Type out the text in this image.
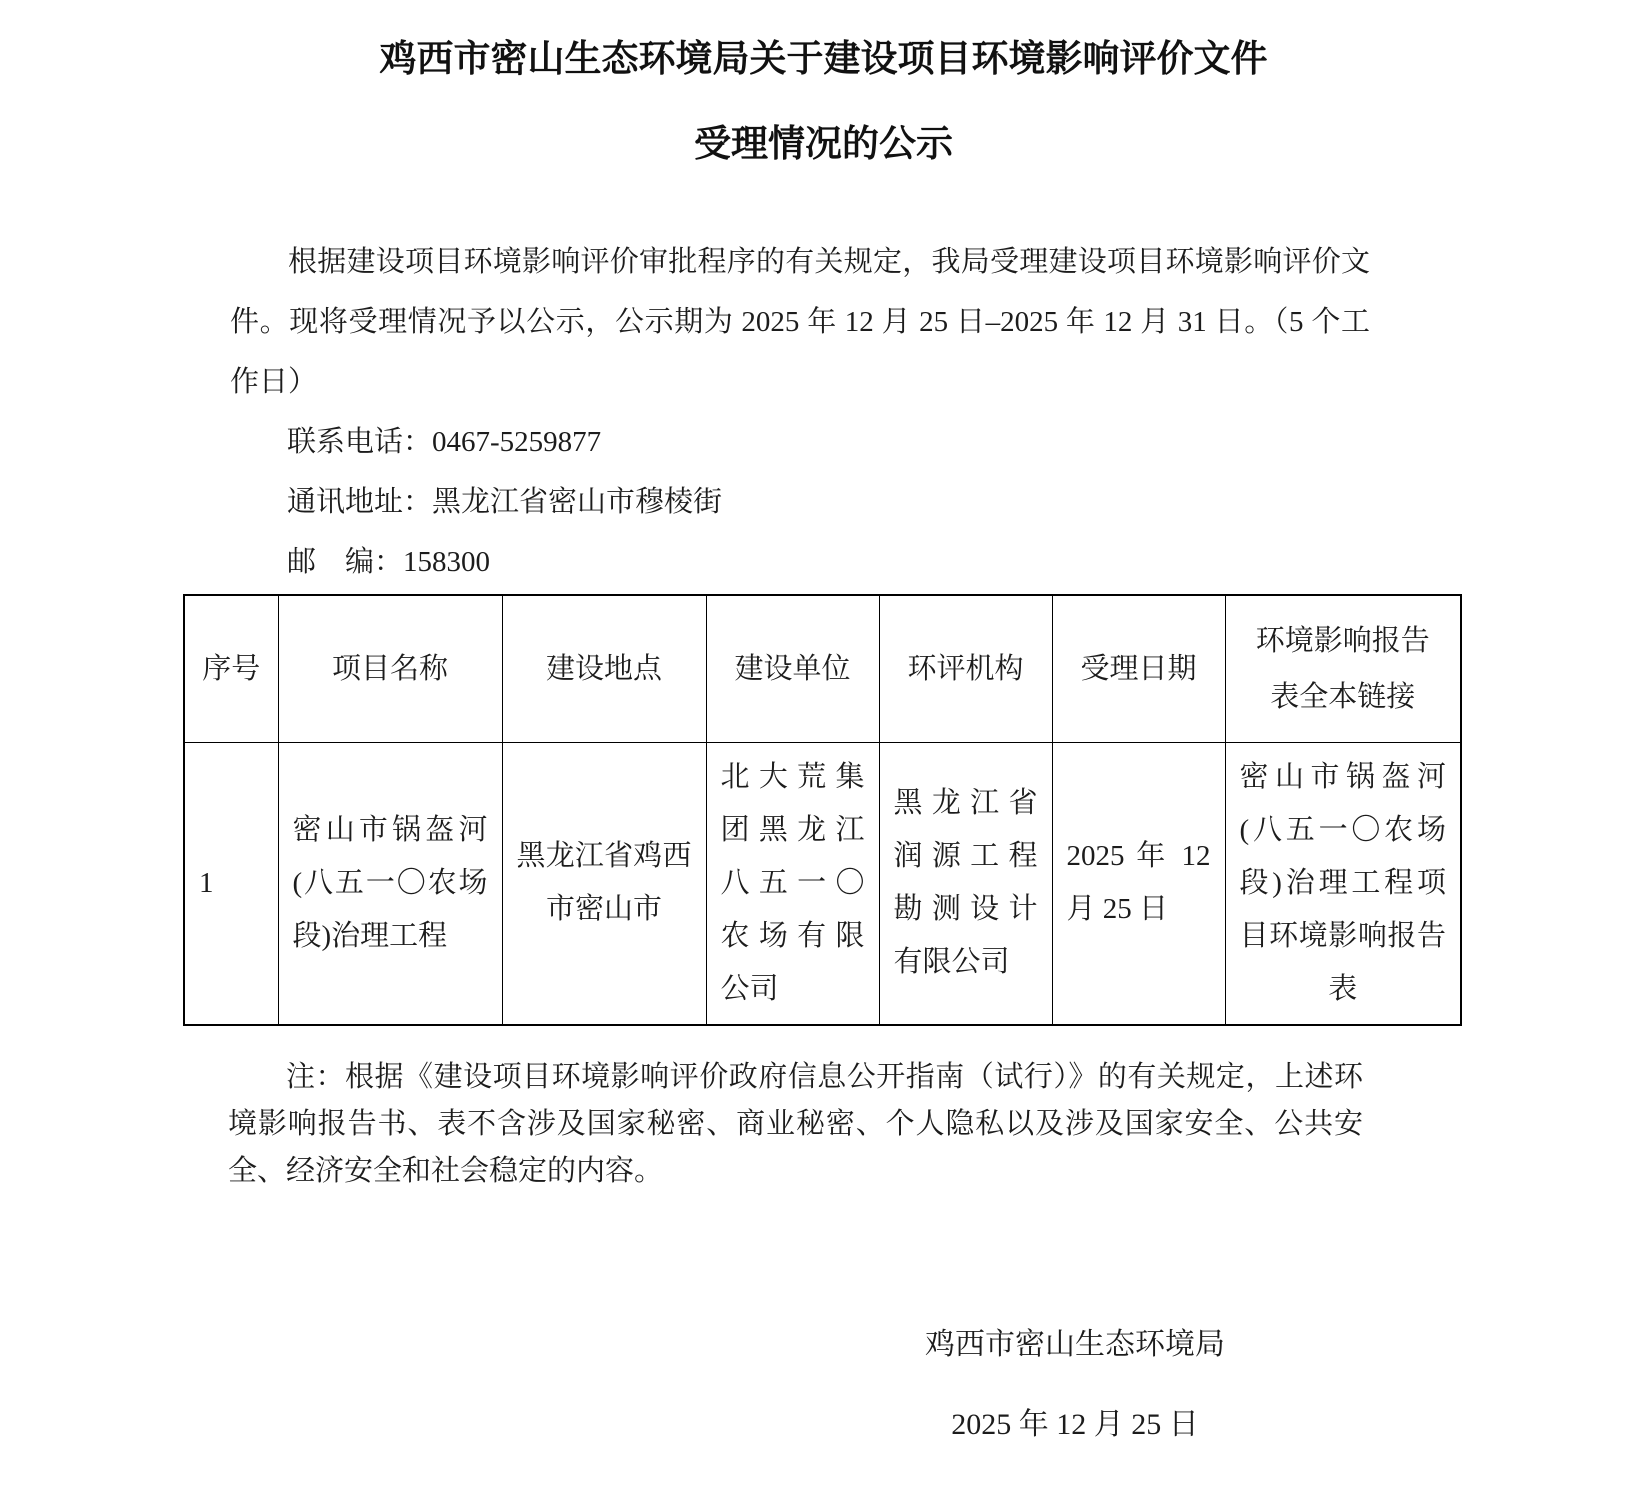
鸡西市密山生态环境局关于建设项目环境影响评价文件
受理情况的公示

根据建设项目环境影响评价审批程序的有关规定，我局受理建设项目环境影响评价文件。现将受理情况予以公示，公示期为 2025 年 12 月 25 日–2025 年 12 月 31 日。（5 个工作日）

联系电话：0467-5259877

通讯地址：黑龙江省密山市穆棱街

邮　编：158300

序号	项目名称	建设地点	建设单位	环评机构	受理日期	环境影响报告表全本链接
1	密山市锅盔河(八五一〇农场段)治理工程	黑龙江省鸡西市密山市	北大荒集团黑龙江八五一〇农场有限公司	黑龙江省润源工程勘测设计有限公司	2025 年 12 月 25 日	密山市锅盔河(八五一〇农场段)治理工程项目环境影响报告表

注：根据《建设项目环境影响评价政府信息公开指南（试行）》的有关规定，上述环境影响报告书、表不含涉及国家秘密、商业秘密、个人隐私以及涉及国家安全、公共安全、经济安全和社会稳定的内容。

鸡西市密山生态环境局

2025 年 12 月 25 日
